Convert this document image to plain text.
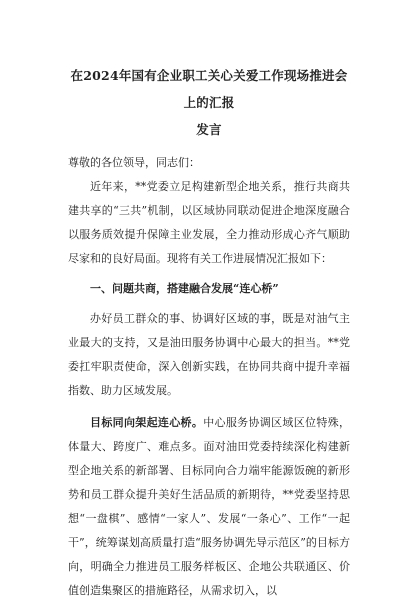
在2024年国有企业职工关心关爱工作现场推进会上的汇报
发言

尊敬的各位领导，同志们：

近年来，**党委立足构建新型企地关系，推行共商共建共享的“三共”机制，以区域协同联动促进企地深度融合以服务质效提升保障主业发展，全力推动形成心齐气顺助尽家和的良好局面。现将有关工作进展情况汇报如下：

一、问题共商，搭建融合发展“连心桥”

办好员工群众的事、协调好区域的事，既是对油气主业最大的支持，又是油田服务协调中心最大的担当。**党委扛牢职责使命，深入创新实践，在协同共商中提升幸福指数、助力区域发展。

目标同向架起连心桥。中心服务协调区域区位特殊，体量大、跨度广、难点多。面对油田党委持续深化构建新型企地关系的新部署、目标同向合力端牢能源饭碗的新形势和员工群众提升美好生活品质的新期待，**党委坚持思想“一盘棋”、感情“一家人”、发展“一条心”、工作“一起干”，统筹谋划高质量打造“服务协调先导示范区”的目标方向，明确全力推进员工服务样板区、企地公共联通区、价值创造集聚区的措施路径，从需求切入，以
